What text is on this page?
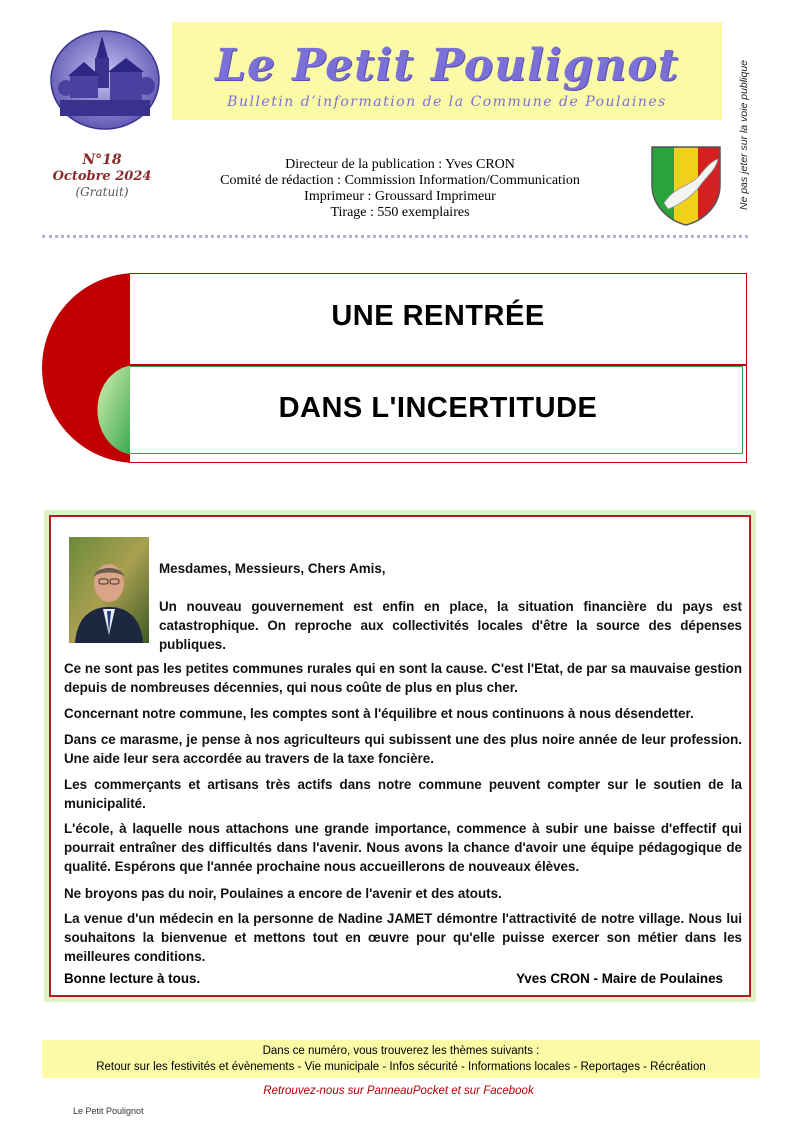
Le Petit Poulignot
Bulletin d’information de la Commune de Poulaines	Ne pas jeter sur la voie publique
N°18
Octobre 2024
(Gratuit)
Directeur de la publication : Yves CRON
Comité de rédaction : Commission Information/Communication
Imprimeur : Groussard Imprimeur
Tirage : 550 exemplaires
UNE RENTRÉE
DANS L'INCERTITUDE
Mesdames, Messieurs, Chers Amis,
Un nouveau gouvernement est enfin en place, la situation financière du pays est catastrophique. On reproche aux collectivités locales d'être la source des dépenses publiques.
Ce ne sont pas les petites communes rurales qui en sont la cause. C'est l'Etat, de par sa mauvaise gestion depuis de nombreuses décennies, qui nous coûte de plus en plus cher.
Concernant notre commune, les comptes sont à l'équilibre et nous continuons à nous désendetter.
Dans ce marasme, je pense à nos agriculteurs qui subissent une des plus noire année de leur profession. Une aide leur sera accordée au travers de la taxe foncière.
Les commerçants et artisans très actifs dans notre commune peuvent compter sur le soutien de la municipalité.
L'école, à laquelle nous attachons une grande importance, commence à subir une baisse d'effectif qui pourrait entraîner des difficultés dans l'avenir. Nous avons la chance d'avoir une équipe pédagogique de qualité. Espérons que l'année prochaine nous accueillerons de nouveaux élèves.
Ne broyons pas du noir, Poulaines a encore de l'avenir et des atouts.
La venue d'un médecin en la personne de Nadine JAMET démontre l'attractivité de notre village. Nous lui souhaitons la bienvenue et mettons tout en œuvre pour qu'elle puisse exercer son métier dans les meilleures conditions.
Bonne lecture à tous.	Yves CRON - Maire de Poulaines
Dans ce numéro, vous trouverez les thèmes suivants :
Retour sur les festivités et évènements - Vie municipale - Infos sécurité - Informations locales - Reportages - Récréation
Retrouvez-nous sur PanneauPocket et sur Facebook
Le Petit Poulignot
